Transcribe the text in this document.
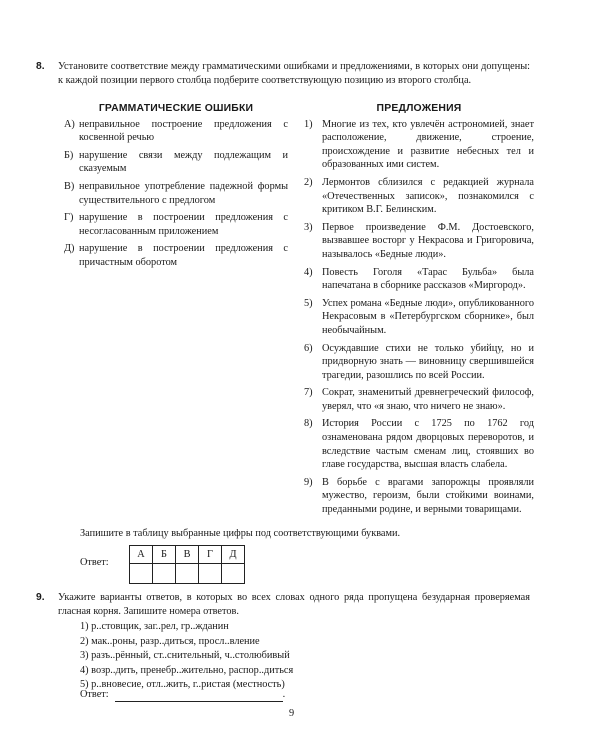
8. Установите соответствие между грамматическими ошибками и предложениями, в которых они допущены: к каждой позиции первого столбца подберите соответствующую позицию из второго столбца.
ГРАММАТИЧЕСКИЕ ОШИБКИ
А) неправильное построение предложения с косвенной речью
Б) нарушение связи между подлежащим и сказуемым
В) неправильное употребление падежной формы существительного с предлогом
Г) нарушение в построении предложения с несогласованным приложением
Д) нарушение в построении предложения с причастным оборотом
ПРЕДЛОЖЕНИЯ
1) Многие из тех, кто увлечён астрономией, знает расположение, движение, строение, происхождение и развитие небесных тел и образованных ими систем.
2) Лермонтов сблизился с редакцией журнала «Отечественных записок», познакомился с критиком В.Г. Белинским.
3) Первое произведение Ф.М. Достоевского, вызвавшее восторг у Некрасова и Григоровича, называлось «Бедные люди».
4) Повесть Гоголя «Тарас Бульба» была напечатана в сборнике рассказов «Миргород».
5) Успех романа «Бедные люди», опубликованного Некрасовым в «Петербургском сборнике», был необычайным.
6) Осуждавшие стихи не только убийцу, но и придворную знать — виновницу свершившейся трагедии, разошлись по всей России.
7) Сократ, знаменитый древнегреческий философ, уверял, что «я знаю, что ничего не знаю».
8) История России с 1725 по 1762 год ознаменована рядом дворцовых переворотов, и вследствие частым сменам лиц, стоявших во главе государства, высшая власть слабела.
9) В борьбе с врагами запорожцы проявляли мужество, героизм, были стойкими воинами, преданными родине, и верными товарищами.
Запишите в таблицу выбранные цифры под соответствующими буквами.
Ответ:
А	Б	В	Г	Д

9. Укажите варианты ответов, в которых во всех словах одного ряда пропущена безударная проверяемая гласная корня. Запишите номера ответов.
1) р..стовщик, заг..рел, гр..жданин
2) мак..роны, разр..диться, просл..вление
3) разъ..рённый, ст..снительный, ч..столюбивый
4) возр..дить, пренебр..жительно, распор..диться
5) р..вновесие, отл..жить, г..ристая (местность)
Ответ:	.
9
